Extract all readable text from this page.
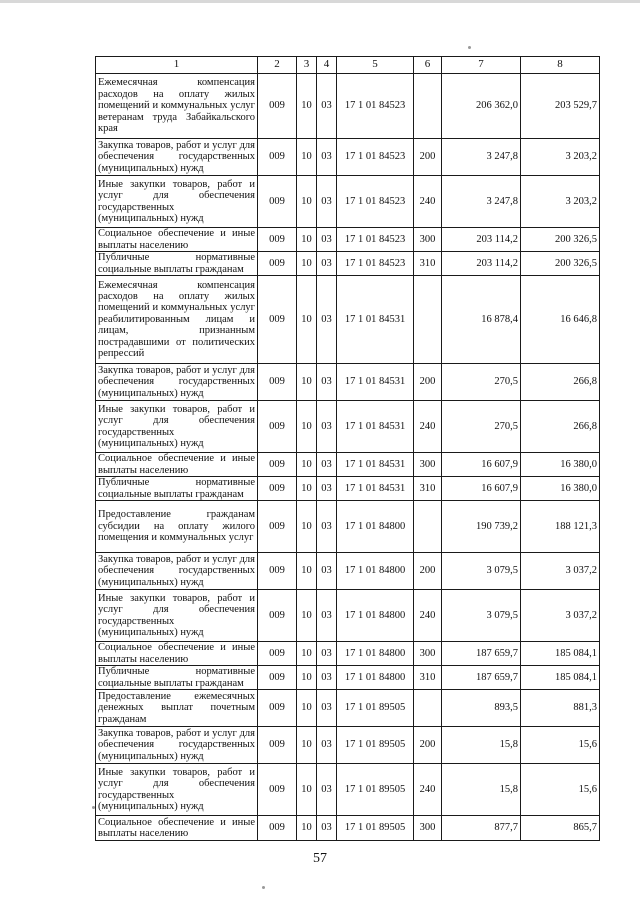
1	2	3	4	5	6	7	8
Ежемесячная компенсация расходов на оплату жилых помещений и коммунальных услуг ветеранам труда Забайкальского края	009	10	03	17 1 01 84523		206 362,0	203 529,7
Закупка товаров, работ и услуг для обеспечения государственных (муниципальных) нужд	009	10	03	17 1 01 84523	200	3 247,8	3 203,2
Иные закупки товаров, работ и услуг для обеспечения государственных (муниципальных) нужд	009	10	03	17 1 01 84523	240	3 247,8	3 203,2
Социальное обеспечение и иные выплаты населению	009	10	03	17 1 01 84523	300	203 114,2	200 326,5
Публичные нормативные социальные выплаты гражданам	009	10	03	17 1 01 84523	310	203 114,2	200 326,5
Ежемесячная компенсация расходов на оплату жилых помещений и коммунальных услуг реабилитированным лицам и лицам, признанным пострадавшими от политических репрессий	009	10	03	17 1 01 84531		16 878,4	16 646,8
Закупка товаров, работ и услуг для обеспечения государственных (муниципальных) нужд	009	10	03	17 1 01 84531	200	270,5	266,8
Иные закупки товаров, работ и услуг для обеспечения государственных (муниципальных) нужд	009	10	03	17 1 01 84531	240	270,5	266,8
Социальное обеспечение и иные выплаты населению	009	10	03	17 1 01 84531	300	16 607,9	16 380,0
Публичные нормативные социальные выплаты гражданам	009	10	03	17 1 01 84531	310	16 607,9	16 380,0
Предоставление гражданам субсидии на оплату жилого помещения и коммунальных услуг	009	10	03	17 1 01 84800		190 739,2	188 121,3
Закупка товаров, работ и услуг для обеспечения государственных (муниципальных) нужд	009	10	03	17 1 01 84800	200	3 079,5	3 037,2
Иные закупки товаров, работ и услуг для обеспечения государственных (муниципальных) нужд	009	10	03	17 1 01 84800	240	3 079,5	3 037,2
Социальное обеспечение и иные выплаты населению	009	10	03	17 1 01 84800	300	187 659,7	185 084,1
Публичные нормативные социальные выплаты гражданам	009	10	03	17 1 01 84800	310	187 659,7	185 084,1
Предоставление ежемесячных денежных выплат почетным гражданам	009	10	03	17 1 01 89505		893,5	881,3
Закупка товаров, работ и услуг для обеспечения государственных (муниципальных) нужд	009	10	03	17 1 01 89505	200	15,8	15,6
Иные закупки товаров, работ и услуг для обеспечения государственных (муниципальных) нужд	009	10	03	17 1 01 89505	240	15,8	15,6
Социальное обеспечение и иные выплаты населению	009	10	03	17 1 01 89505	300	877,7	865,7
57
